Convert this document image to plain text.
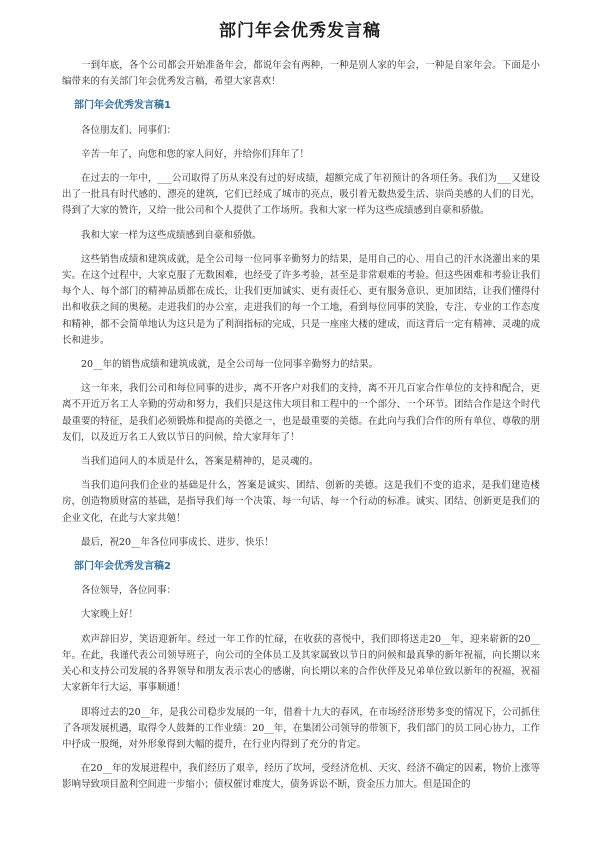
部门年会优秀发言稿

一到年底，各个公司都会开始准备年会，都说年会有两种，一种是别人家的年会，一种是自家年会。下面是小编带来的有关部门年会优秀发言稿，希望大家喜欢！

部门年会优秀发言稿1

各位朋友们、同事们：

辛苦一年了，向您和您的家人问好，并给你们拜年了！

在过去的一年中，___公司取得了历从来没有过的好成绩，超额完成了年初预计的各项任务。我们为___又建设出了一批具有时代感的、漂亮的建筑，它们已经成了城市的亮点，吸引着无数热爱生活、崇尚美感的人们的目光，得到了大家的赞许，又给一批公司和个人提供了工作场所。我和大家一样为这些成绩感到自豪和骄傲。

我和大家一样为这些成绩感到自豪和骄傲。

这些销售成绩和建筑成就，是全公司每一位同事辛勤努力的结果，是用自己的心、用自己的汗水浇灌出来的果实。在这个过程中，大家克服了无数困难，也经受了许多考验，甚至是非常艰难的考验。但这些困难和考验让我们每个人、每个部门的精神品质都在成长，让我们更加诚实、更有责任心、更有服务意识、更加团结，让我们懂得付出和收获之间的奥秘。走进我们的办公室，走进我们的每一个工地，看到每位同事的笑脸，专注、专业的工作态度和精神，都不会简单地认为这只是为了利润指标的完成，只是一座座大楼的建成，而这背后一定有精神、灵魂的成长和进步。

20__年的销售成绩和建筑成就，是全公司每一位同事辛勤努力的结果。

这一年来，我们公司和每位同事的进步，离不开客户对我们的支持，离不开几百家合作单位的支持和配合，更离不开近万名工人辛勤的劳动和努力，我们只是这伟大项目和工程中的一个部分、一个环节。团结合作是这个时代最重要的特征，是我们必须锻炼和提高的美德之一，也是最重要的美德。在此向与我们合作的所有单位、尊敬的朋友们，以及近万名工人致以节日的问候，给大家拜年了！

当我们追问人的本质是什么，答案是精神的，是灵魂的。

当我们追问我们企业的基础是什么，答案是诚实、团结、创新的美德。这是我们不变的追求，是我们建造楼房，创造物质财富的基础，是指导我们每一个决策、每一句话、每一个行动的标准。诚实、团结、创新更是我们的企业文化，在此与大家共勉！

最后，祝20__年各位同事成长、进步、快乐！

部门年会优秀发言稿2

各位领导，各位同事：

大家晚上好！

欢声辞旧岁，笑语迎新年。经过一年工作的忙碌，在收获的喜悦中，我们即将送走20__年，迎来崭新的20__年。在此，我谨代表公司领导班子，向公司的全体员工及其家属致以节日的问候和最真挚的新年祝福，向长期以来关心和支持公司发展的各界领导和朋友表示衷心的感谢，向长期以来的合作伙伴及兄弟单位致以新年的祝福，祝福大家新年行大运，事事顺通！

即将过去的20__年，是我公司稳步发展的一年，借着十九大的春风，在市场经济形势多变的情况下，公司抓住了各项发展机遇，取得令人鼓舞的工作业绩：20__年，在集团公司领导的带领下，我们部门的员工同心协力，工作中抒成一股绳，对外形象得到大幅的提升，在行业内得到了充分的肯定。

在20__年的发展进程中，我们经历了艰辛，经历了坎坷，受经济危机、天灾、经济不确定的因素，物价上涨等影响导致项目盈利空间进一步缩小；债权催讨难度大，债务诉讼不断，资金压力加大。但是国企的
